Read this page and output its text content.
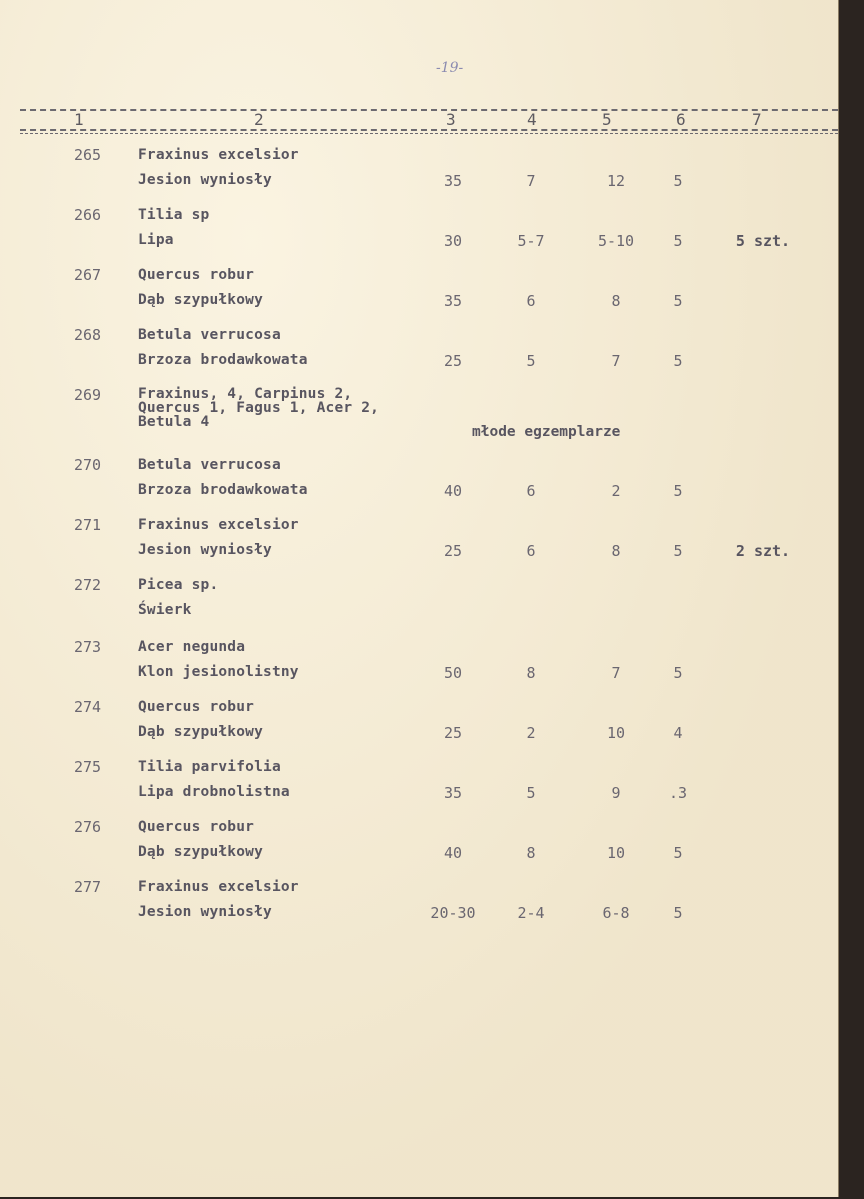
-19-
1	2	3	4	5	6	7
265	Fraxinus excelsior
Jesion wyniosły	35	7	12	5
266	Tilia sp
Lipa	30	5-7	5-10	5	5 szt.
267	Quercus robur
Dąb szypułkowy	35	6	8	5
268	Betula verrucosa
Brzoza brodawkowata	25	5	7	5
269	Fraxinus, 4, Carpinus 2,
Quercus 1, Fagus 1, Acer 2,
Betula 4
młode egzemplarze
270	Betula verrucosa
Brzoza brodawkowata	40	6	2	5
271	Fraxinus excelsior
Jesion wyniosły	25	6	8	5	2 szt.
272	Picea sp.
Świerk
273	Acer negunda
Klon jesionolistny	50	8	7	5
274	Quercus robur
Dąb szypułkowy	25	2	10	4
275	Tilia parvifolia
Lipa drobnolistna	35	5	9	.3
276	Quercus robur
Dąb szypułkowy	40	8	10	5
277	Fraxinus excelsior
Jesion wyniosły	20-30	2-4	6-8	5
